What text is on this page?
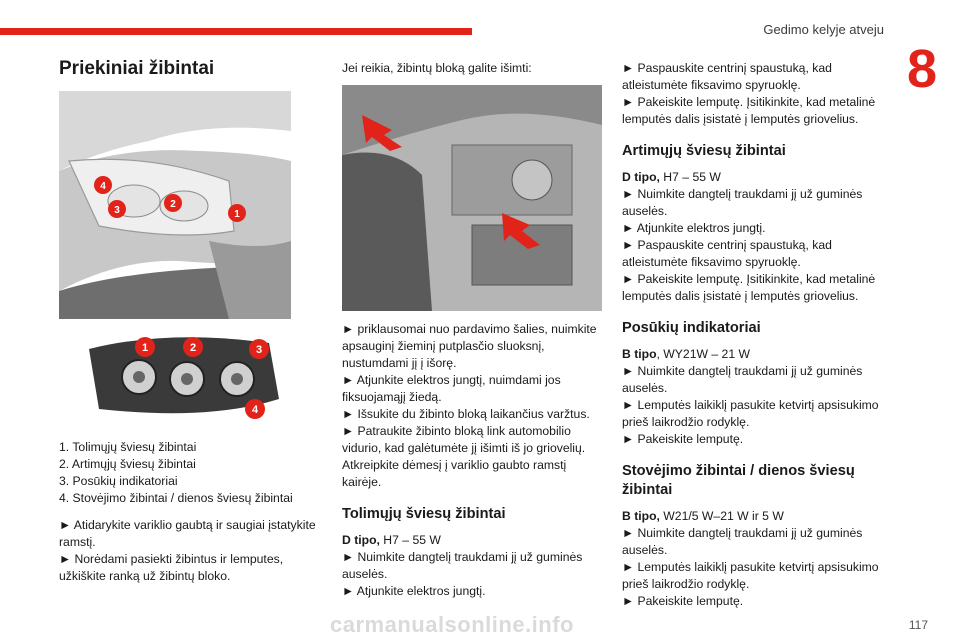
Gedimo kelyje atveju
8
Priekiniai žibintai
4
3
2
1
1	2	3
4
1. Tolimųjų šviesų žibintai
2. Artimųjų šviesų žibintai
3. Posūkių indikatoriai
4. Stovėjimo žibintai / dienos šviesų žibintai

► Atidarykite variklio gaubtą ir saugiai įstatykite ramstį.

► Norėdami pasiekti žibintus ir lemputes, užkiškite ranką už žibintų bloko.

Jei reikia, žibintų bloką galite išimti:

► priklausomai nuo pardavimo šalies, nuimkite apsauginį žieminį putplasčio sluoksnį, nustumdami jį į išorę.

► Atjunkite elektros jungtį, nuimdami jos fiksuojamąjį žiedą.

► Išsukite du žibinto bloką laikančius varžtus.

► Patraukite žibinto bloką link automobilio vidurio, kad galėtumėte jį išimti iš jo griovelių.

Atkreipkite dėmesį į variklio gaubto ramstį kairėje.

Tolimųjų šviesų žibintai

D tipo, H7 – 55 W

► Nuimkite dangtelį traukdami jį už guminės auselės.

► Atjunkite elektros jungtį.

► Paspauskite centrinį spaustuką, kad atleistumėte fiksavimo spyruoklę.

► Pakeiskite lemputę. Įsitikinkite, kad metalinė lemputės dalis įsistatė į lemputės griovelius.

Artimųjų šviesų žibintai

D tipo, H7 – 55 W

► Nuimkite dangtelį traukdami jį už guminės auselės.

► Atjunkite elektros jungtį.

► Paspauskite centrinį spaustuką, kad atleistumėte fiksavimo spyruoklę.

► Pakeiskite lemputę. Įsitikinkite, kad metalinė lemputės dalis įsistatė į lemputės griovelius.

Posūkių indikatoriai

B tipo, WY21W – 21 W

► Nuimkite dangtelį traukdami jį už guminės auselės.

► Lemputės laikiklį pasukite ketvirtį apsisukimo prieš laikrodžio rodyklę.

► Pakeiskite lemputę.

Stovėjimo žibintai / dienos šviesų žibintai

B tipo, W21/5 W–21 W ir 5 W

► Nuimkite dangtelį traukdami jį už guminės auselės.

► Lemputės laikiklį pasukite ketvirtį apsisukimo prieš laikrodžio rodyklę.

► Pakeiskite lemputę.

117
carmanualsonline.info
